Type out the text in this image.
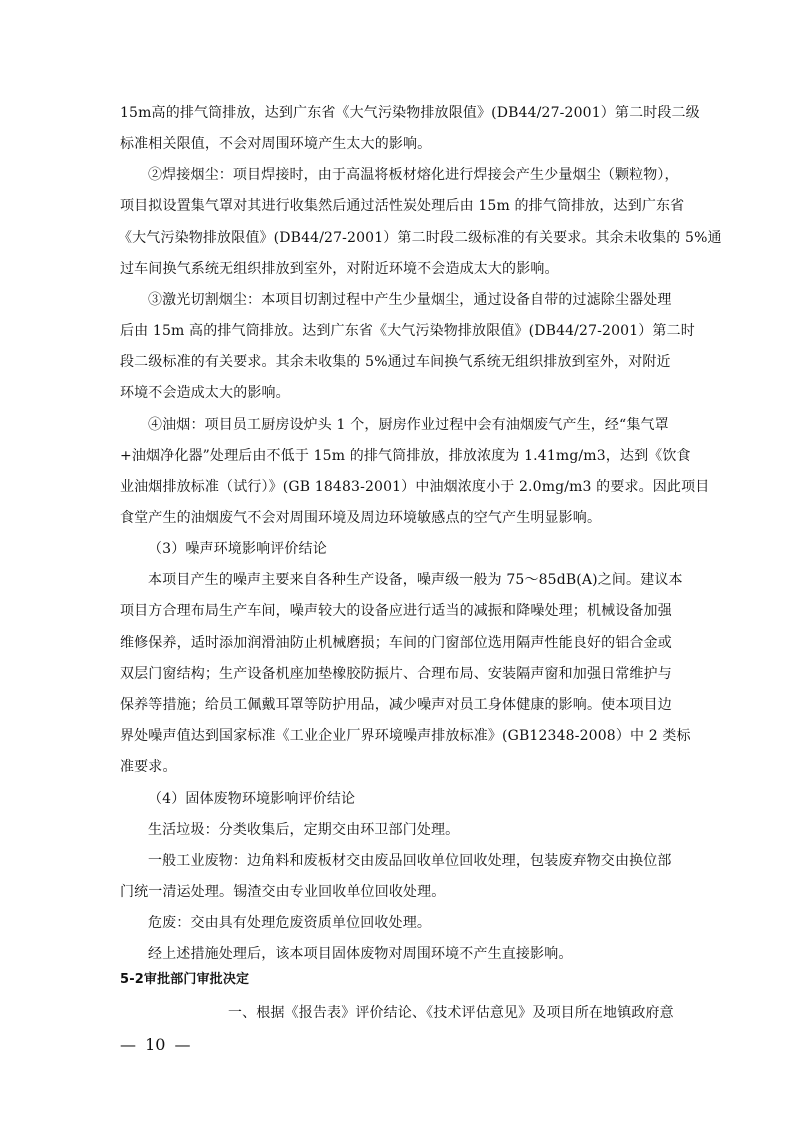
15m高的排气筒排放，达到广东省《大气污染物排放限值》(DB44/27-2001）第二时段二级
标准相关限值，不会对周围环境产生太大的影响。
②焊接烟尘：项目焊接时，由于高温将板材熔化进行焊接会产生少量烟尘（颗粒物），
项目拟设置集气罩对其进行收集然后通过活性炭处理后由 15m 的排气筒排放，达到广东省
《大气污染物排放限值》(DB44/27-2001）第二时段二级标准的有关要求。其余未收集的 5%通
过车间换气系统无组织排放到室外，对附近环境不会造成太大的影响。
③激光切割烟尘：本项目切割过程中产生少量烟尘，通过设备自带的过滤除尘器处理
后由 15m 高的排气筒排放。达到广东省《大气污染物排放限值》(DB44/27-2001）第二时
段二级标准的有关要求。其余未收集的 5%通过车间换气系统无组织排放到室外，对附近
环境不会造成太大的影响。
④油烟：项目员工厨房设炉头 1 个，厨房作业过程中会有油烟废气产生，经“集气罩
+油烟净化器”处理后由不低于 15m 的排气筒排放，排放浓度为 1.41mg/m3，达到《饮食
业油烟排放标准（试行）》(GB 18483-2001）中油烟浓度小于 2.0mg/m3 的要求。因此项目
食堂产生的油烟废气不会对周围环境及周边环境敏感点的空气产生明显影响。
（3）噪声环境影响评价结论
本项目产生的噪声主要来自各种生产设备，噪声级一般为 75～85dB(A)之间。建议本
项目方合理布局生产车间，噪声较大的设备应进行适当的减振和降噪处理；机械设备加强
维修保养，适时添加润滑油防止机械磨损；车间的门窗部位选用隔声性能良好的铝合金或
双层门窗结构；生产设备机座加垫橡胶防振片、合理布局、安装隔声窗和加强日常维护与
保养等措施；给员工佩戴耳罩等防护用品，减少噪声对员工身体健康的影响。使本项目边
界处噪声值达到国家标准《工业企业厂界环境噪声排放标准》(GB12348-2008）中 2 类标
准要求。
（4）固体废物环境影响评价结论
生活垃圾：分类收集后，定期交由环卫部门处理。
一般工业废物：边角料和废板材交由废品回收单位回收处理，包装废弃物交由换位部
门统一清运处理。锡渣交由专业回收单位回收处理。
危废：交由具有处理危废资质单位回收处理。
经上述措施处理后，该本项目固体废物对周围环境不产生直接影响。
5-2审批部门审批决定
一、根据《报告表》评价结论、《技术评估意见》及项目所在地镇政府意
— 10 —
